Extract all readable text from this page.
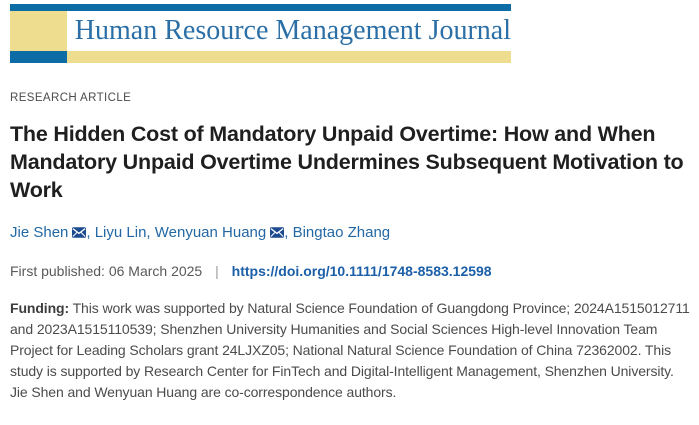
Human Resource Management Journal
RESEARCH ARTICLE
The Hidden Cost of Mandatory Unpaid Overtime: How and When Mandatory Unpaid Overtime Undermines Subsequent Motivation to Work
Jie Shen , Liyu Lin, Wenyuan Huang , Bingtao Zhang
First published: 06 March 2025 | https://doi.org/10.1111/1748-8583.12598
Funding: This work was supported by Natural Science Foundation of Guangdong Province; 2024A1515012711 and 2023A1515110539; Shenzhen University Humanities and Social Sciences High-level Innovation Team Project for Leading Scholars grant 24LJXZ05; National Natural Science Foundation of China 72362002. This study is supported by Research Center for FinTech and Digital-Intelligent Management, Shenzhen University.
Jie Shen and Wenyuan Huang are co-correspondence authors.
